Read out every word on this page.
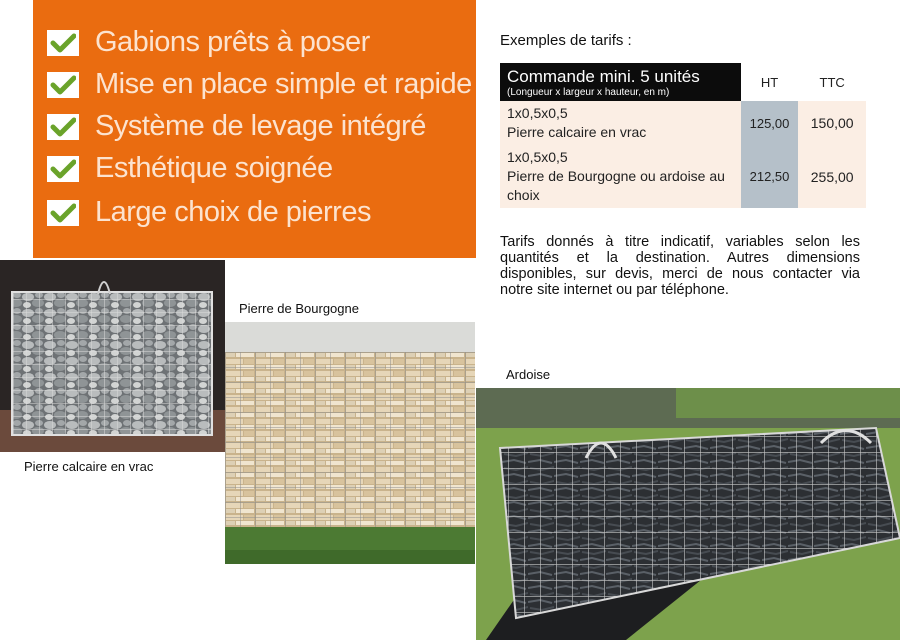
Gabions prêts à poser
Mise en place simple et rapide
Système de levage intégré
Esthétique soignée
Large choix de pierres
Exemples de tarifs :
Commande mini. 5 unités
(Longueur x largeur x hauteur, en m)	HT	TTC

1x0,5x0,5
Pierre calcaire en vrac	125,00	150,00

1x0,5x0,5
Pierre de Bourgogne ou ardoise au choix	212,50	255,00
Tarifs donnés à titre indicatif, variables selon les quantités et la destination. Autres dimensions disponibles, sur devis, merci de nous contacter via notre site internet ou par téléphone.
Pierre calcaire en vrac
Pierre de Bourgogne
Ardoise
